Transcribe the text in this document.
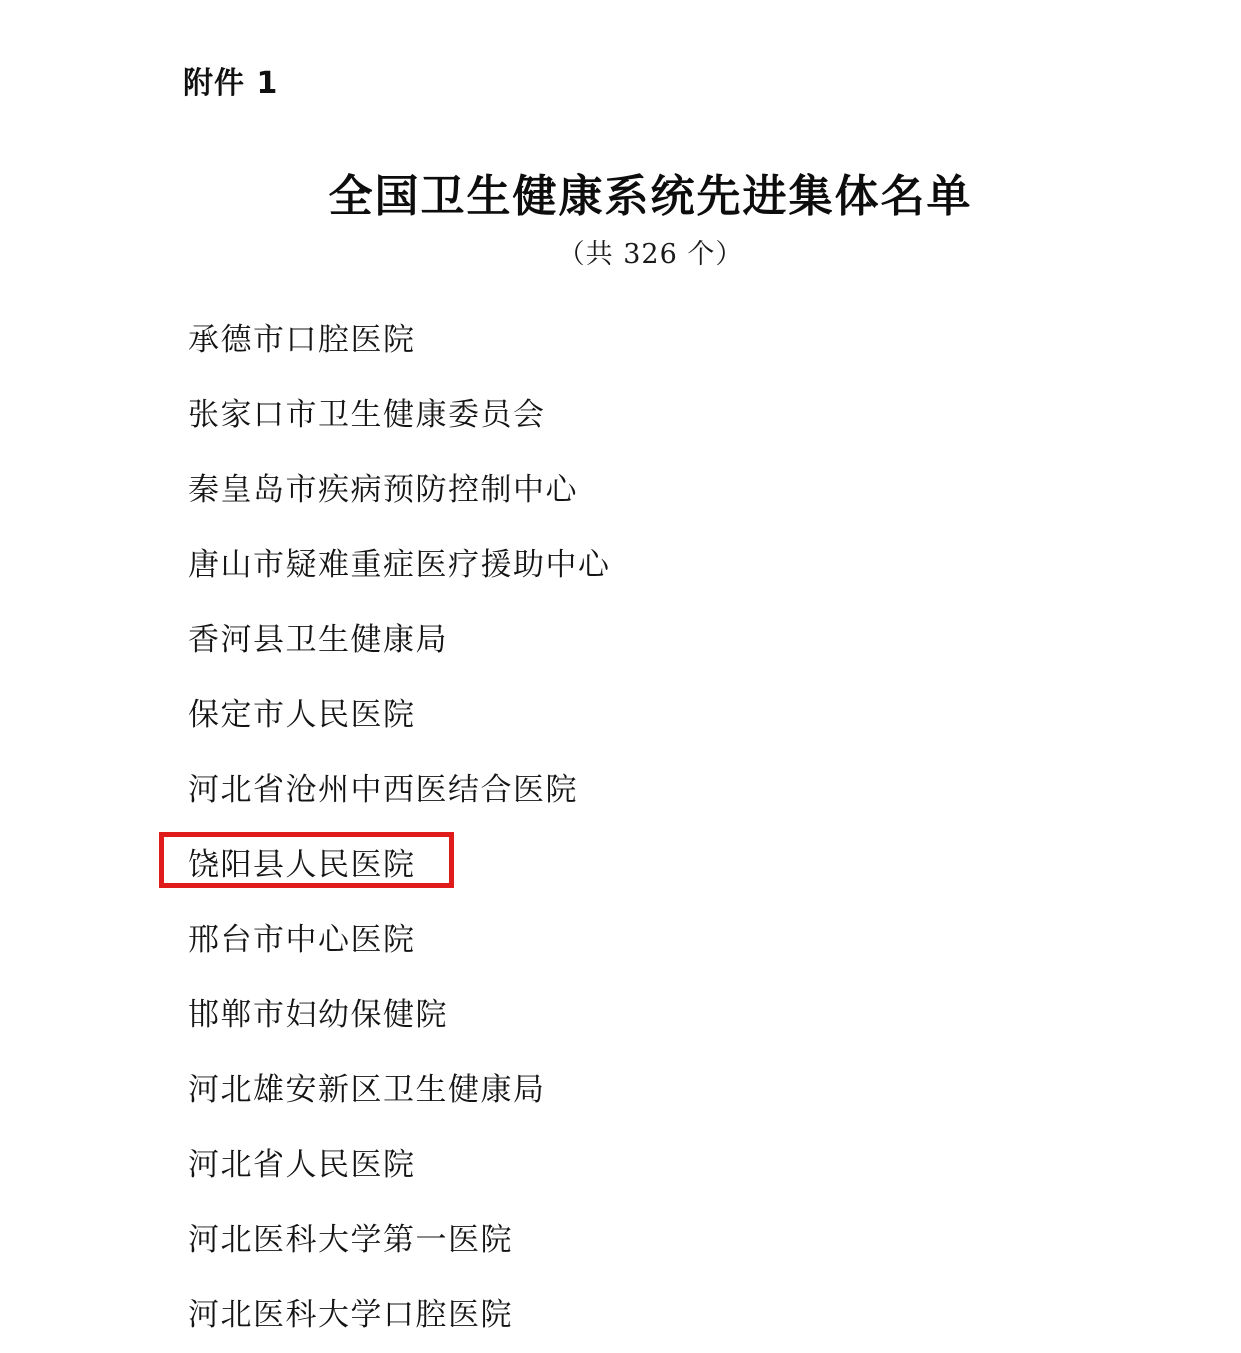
附件 1
全国卫生健康系统先进集体名单
（共 326 个）
承德市口腔医院
张家口市卫生健康委员会
秦皇岛市疾病预防控制中心
唐山市疑难重症医疗援助中心
香河县卫生健康局
保定市人民医院
河北省沧州中西医结合医院
饶阳县人民医院
邢台市中心医院
邯郸市妇幼保健院
河北雄安新区卫生健康局
河北省人民医院
河北医科大学第一医院
河北医科大学口腔医院
